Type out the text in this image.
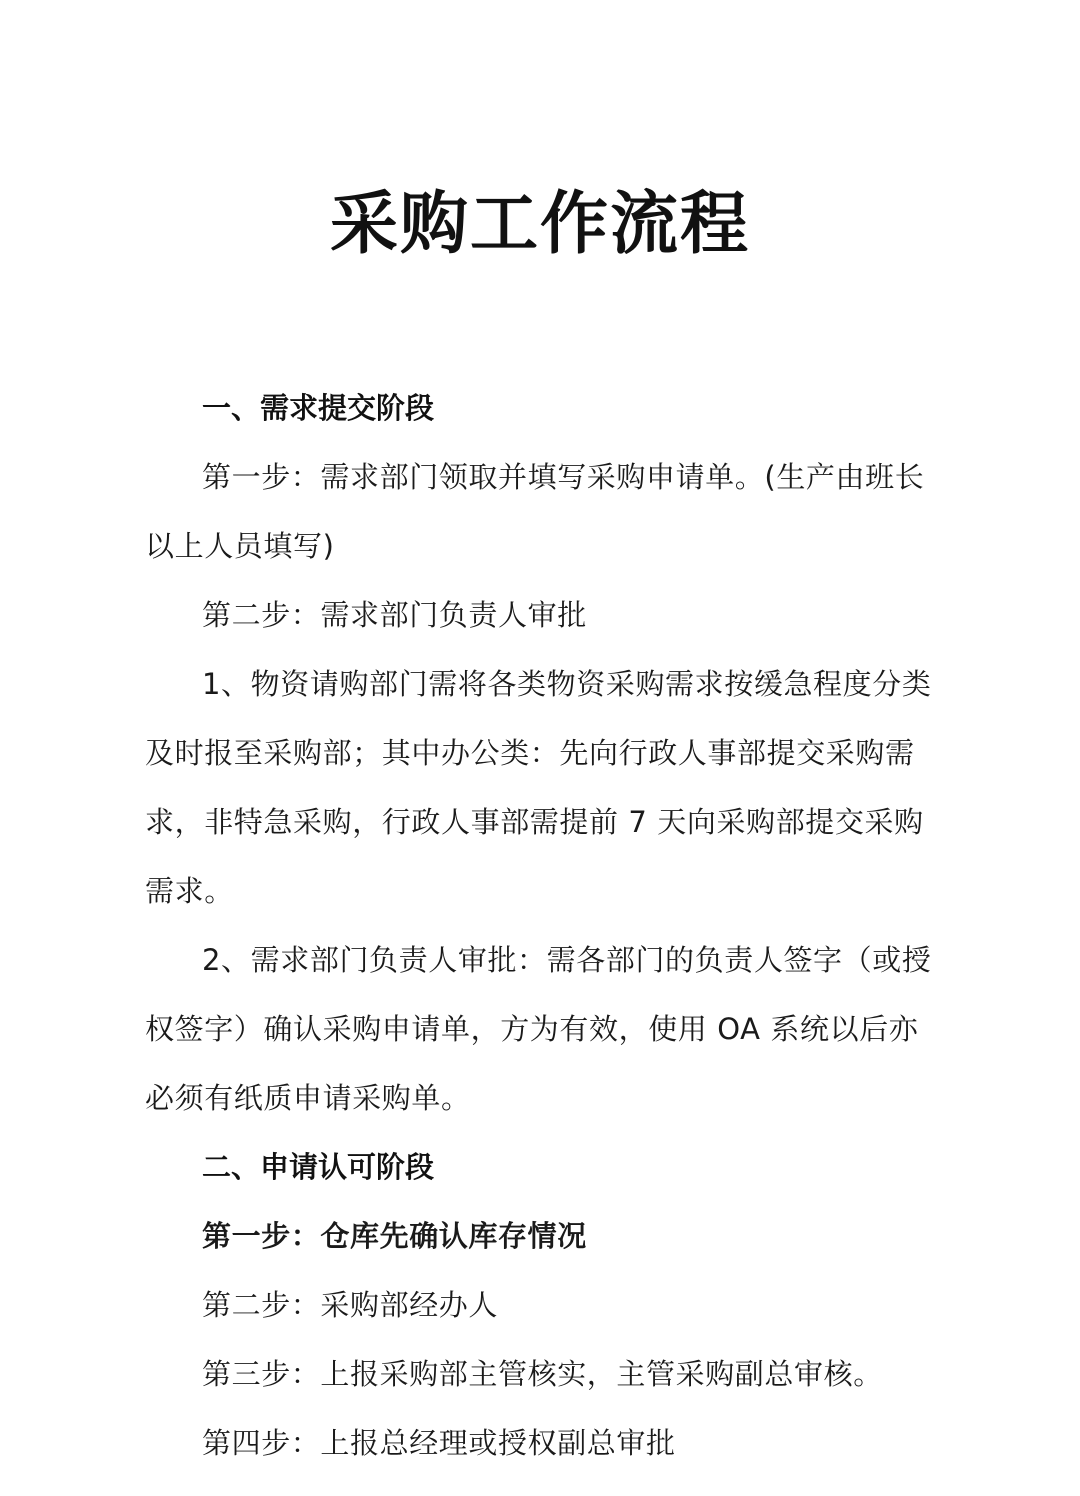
采购工作流程
一、需求提交阶段

第一步：需求部门领取并填写采购申请单。(生产由班长以上人员填写)

第二步：需求部门负责人审批

1、物资请购部门需将各类物资采购需求按缓急程度分类及时报至采购部；其中办公类：先向行政人事部提交采购需求，非特急采购，行政人事部需提前 7 天向采购部提交采购需求。

2、需求部门负责人审批：需各部门的负责人签字（或授权签字）确认采购申请单，方为有效，使用 OA 系统以后亦必须有纸质申请采购单。

二、申请认可阶段

第一步：仓库先确认库存情况

第二步：采购部经办人

第三步：上报采购部主管核实，主管采购副总审核。

第四步：上报总经理或授权副总审批
